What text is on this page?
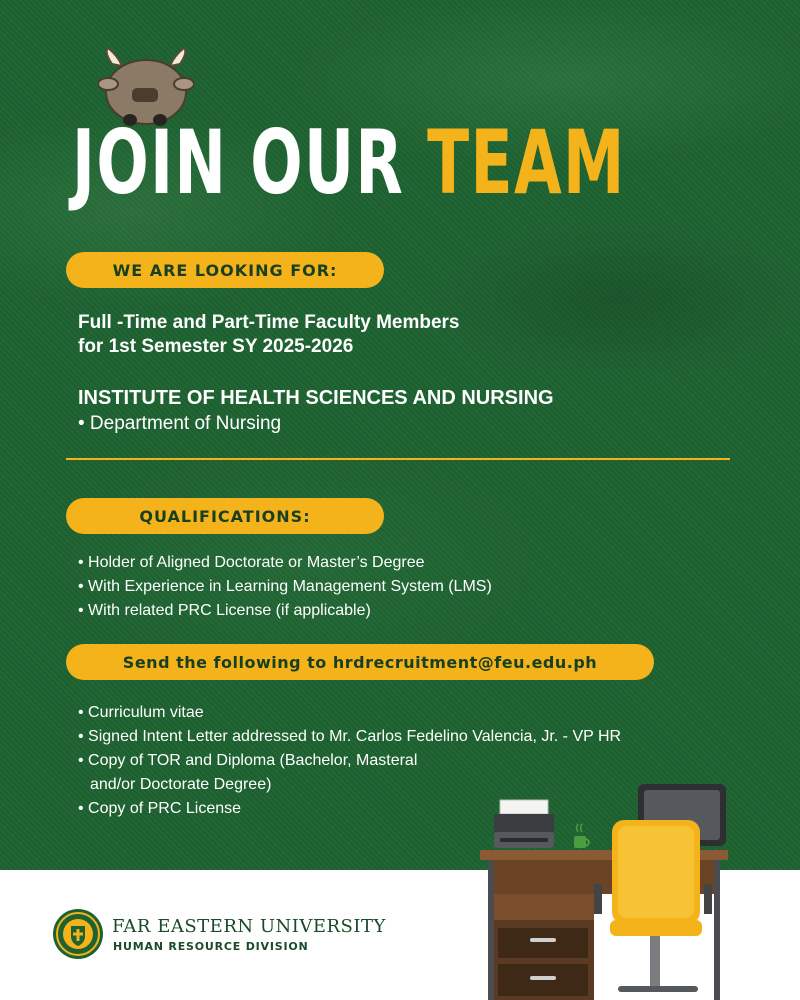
JOIN OUR TEAM
WE ARE LOOKING FOR:
Full -Time and Part-Time Faculty Members
for 1st Semester SY 2025-2026
INSTITUTE OF HEALTH SCIENCES AND NURSING
• Department of Nursing
QUALIFICATIONS:
• Holder of Aligned Doctorate or Master’s Degree
• With Experience in Learning Management System (LMS)
• With related PRC License (if applicable)
Send the following to hrdrecruitment@feu.edu.ph
• Curriculum vitae
• Signed Intent Letter addressed to Mr. Carlos Fedelino Valencia, Jr. - VP HR
• Copy of TOR and Diploma (Bachelor, Masteral
and/or Doctorate Degree)
• Copy of PRC License
FAR EASTERN UNIVERSITY
HUMAN RESOURCE DIVISION
